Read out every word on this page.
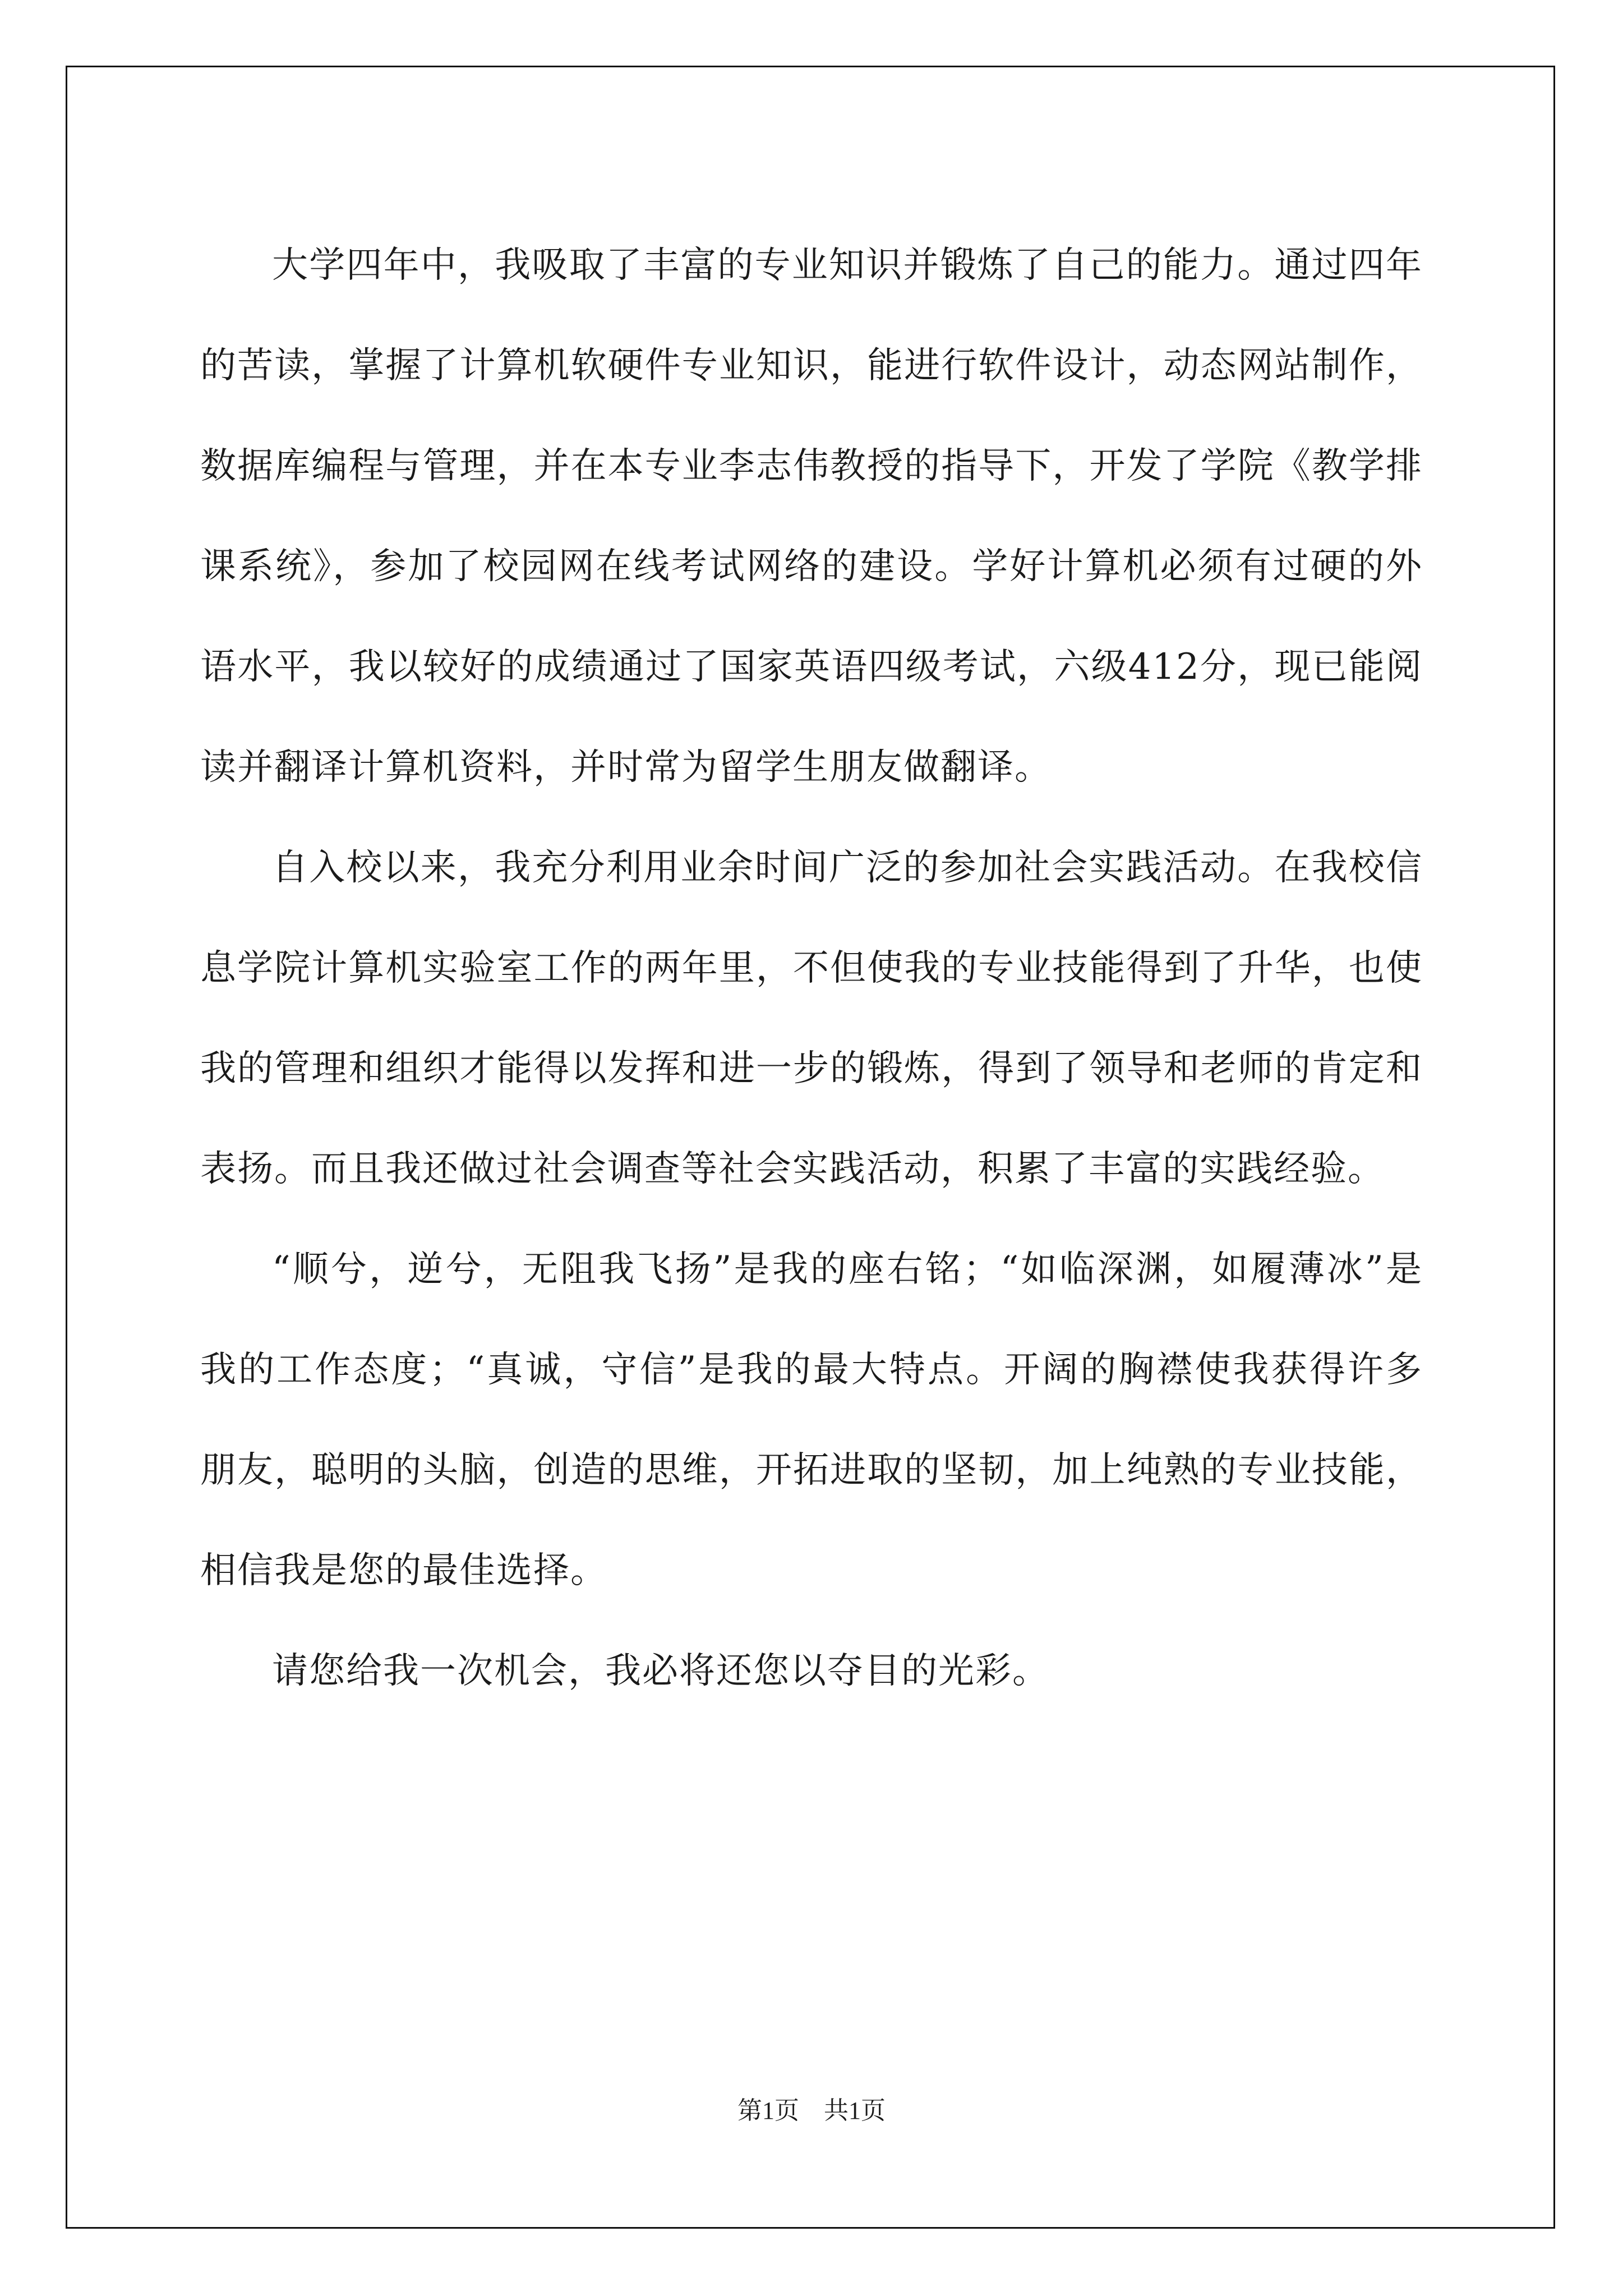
大学四年中，我吸取了丰富的专业知识并锻炼了自己的能力。通过四年的苦读，掌握了计算机软硬件专业知识，能进行软件设计，动态网站制作，数据库编程与管理，并在本专业李志伟教授的指导下，开发了学院《教学排课系统》，参加了校园网在线考试网络的建设。学好计算机必须有过硬的外语水平，我以较好的成绩通过了国家英语四级考试，六级412分，现已能阅读并翻译计算机资料，并时常为留学生朋友做翻译。

自入校以来，我充分利用业余时间广泛的参加社会实践活动。在我校信息学院计算机实验室工作的两年里，不但使我的专业技能得到了升华，也使我的管理和组织才能得以发挥和进一步的锻炼，得到了领导和老师的肯定和表扬。而且我还做过社会调查等社会实践活动，积累了丰富的实践经验。

“顺兮，逆兮，无阻我飞扬”是我的座右铭；“如临深渊，如履薄冰”是我的工作态度；“真诚，守信”是我的最大特点。开阔的胸襟使我获得许多朋友，聪明的头脑，创造的思维，开拓进取的坚韧，加上纯熟的专业技能，相信我是您的最佳选择。

请您给我一次机会，我必将还您以夺目的光彩。

第1页　共1页
